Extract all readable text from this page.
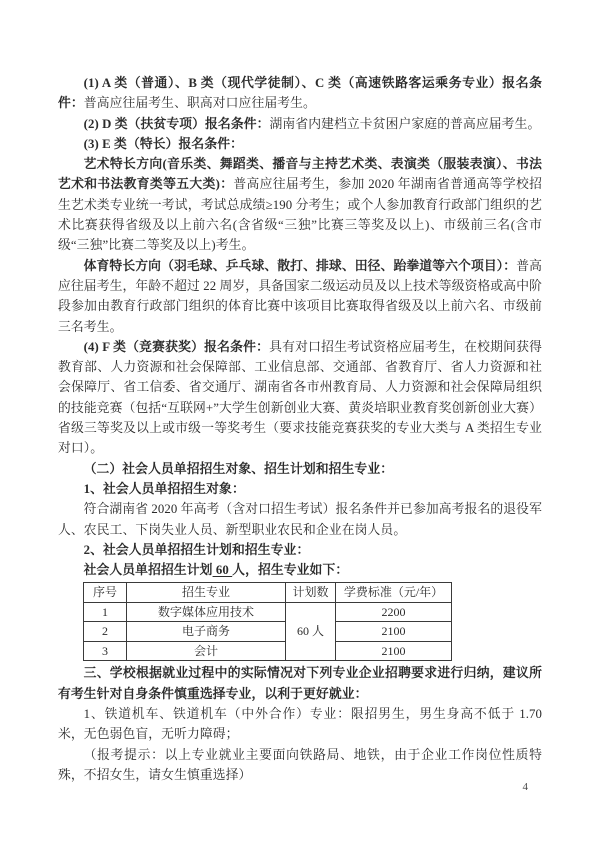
(1) A 类（普通）、B 类（现代学徒制）、C 类（高速铁路客运乘务专业）报名条件：普高应往届考生、职高对口应往届考生。

(2) D 类（扶贫专项）报名条件：湖南省内建档立卡贫困户家庭的普高应届考生。

(3) E 类（特长）报名条件：

艺术特长方向(音乐类、舞蹈类、播音与主持艺术类、表演类（服装表演）、书法艺术和书法教育类等五大类)：普高应往届考生，参加 2020 年湖南省普通高等学校招生艺术类专业统一考试，考试总成绩≥190 分考生；或个人参加教育行政部门组织的艺术比赛获得省级及以上前六名(含省级“三独”比赛三等奖及以上)、市级前三名(含市级“三独”比赛二等奖及以上)考生。

体育特长方向（羽毛球、乒乓球、散打、排球、田径、跆拳道等六个项目）：普高应往届考生，年龄不超过 22 周岁，具备国家二级运动员及以上技术等级资格或高中阶段参加由教育行政部门组织的体育比赛中该项目比赛取得省级及以上前六名、市级前三名考生。

(4) F 类（竞赛获奖）报名条件：具有对口招生考试资格应届考生，在校期间获得教育部、人力资源和社会保障部、工业信息部、交通部、省教育厅、省人力资源和社会保障厅、省工信委、省交通厅、湖南省各市州教育局、人力资源和社会保障局组织的技能竞赛（包括“互联网+”大学生创新创业大赛、黄炎培职业教育奖创新创业大赛）省级三等奖及以上或市级一等奖考生（要求技能竞赛获奖的专业大类与 A 类招生专业对口）。

（二）社会人员单招招生对象、招生计划和招生专业：

1、社会人员单招招生对象：

符合湖南省 2020 年高考（含对口招生考试）报名条件并已参加高考报名的退役军人、农民工、下岗失业人员、新型职业农民和企业在岗人员。

2、社会人员单招招生计划和招生专业：

社会人员单招招生计划 60 人，招生专业如下：

序号	招生专业	计划数	学费标准（元/年）
1	数字媒体应用技术	60 人	2200
2	电子商务		2100
3	会计		2100

三、学校根据就业过程中的实际情况对下列专业企业招聘要求进行归纳，建议所有考生针对自身条件慎重选择专业，以利于更好就业：

1、铁道机车、铁道机车（中外合作）专业：限招男生，男生身高不低于 1.70 米，无色弱色盲，无听力障碍；

（报考提示：以上专业就业主要面向铁路局、地铁，由于企业工作岗位性质特殊，不招女生，请女生慎重选择）

4
